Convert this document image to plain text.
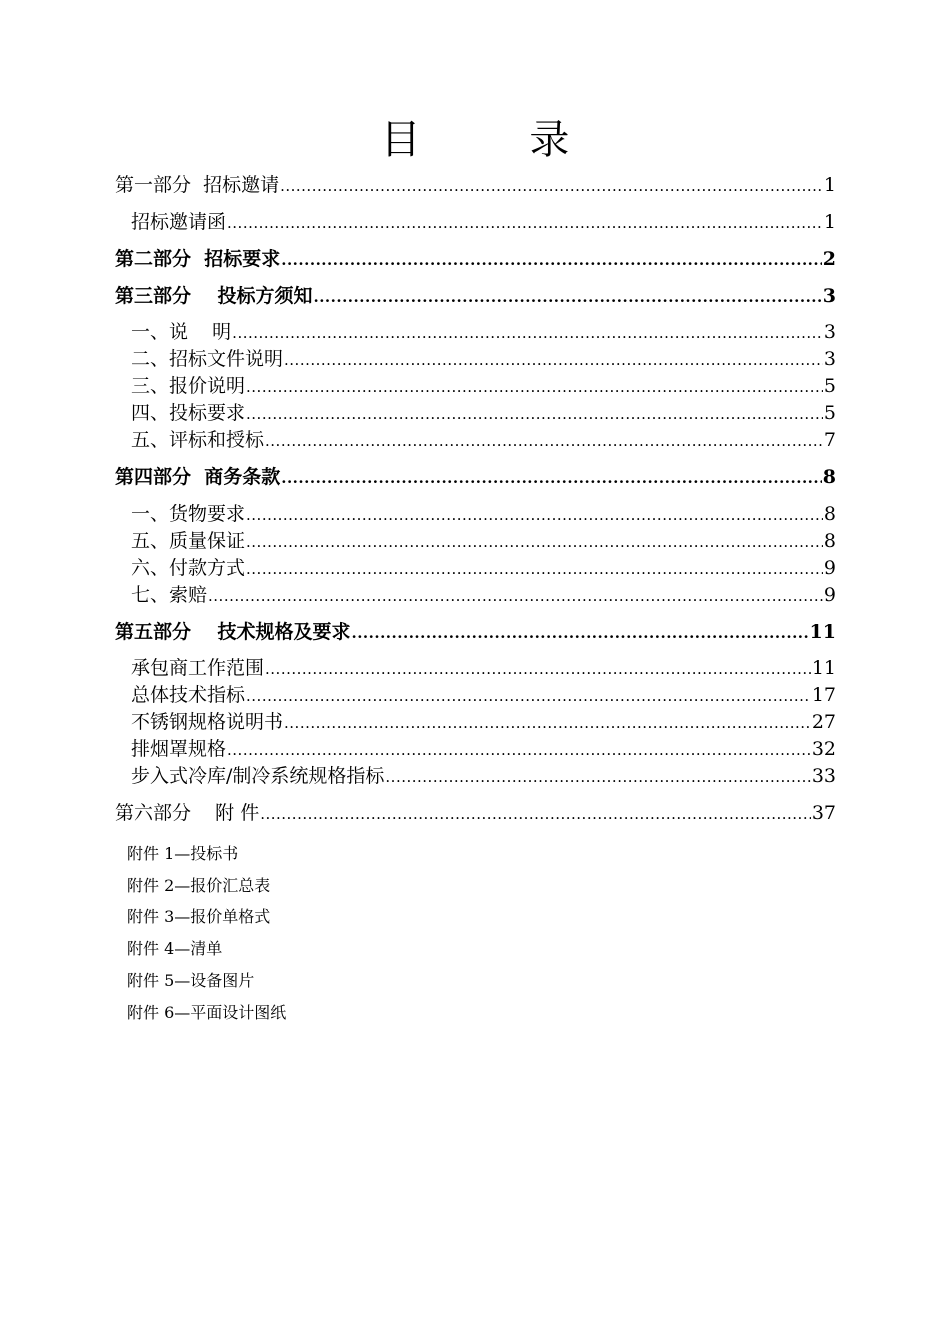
目 录
第一部分  招标邀请 .....	1
招标邀请函 .....	1
第二部分  招标要求 .....	2
第三部分    投标方须知 .....	3
一、说    明 .....	3
二、招标文件说明 .....	3
三、报价说明 .....	5
四、投标要求 .....	5
五、评标和授标 .....	7
第四部分  商务条款 .....	8
一、货物要求 .....	8
五、质量保证 .....	8
六、付款方式 .....	9
七、索赔 .....	9
第五部分    技术规格及要求 .....	11
承包商工作范围 .....	11
总体技术指标 .....	17
不锈钢规格说明书 .....	27
排烟罩规格 .....	32
步入式冷库/制冷系统规格指标 .....	33
第六部分    附 件 .....	37
附件 1—投标书
附件 2—报价汇总表
附件 3—报价单格式
附件 4—清单
附件 5—设备图片
附件 6—平面设计图纸
